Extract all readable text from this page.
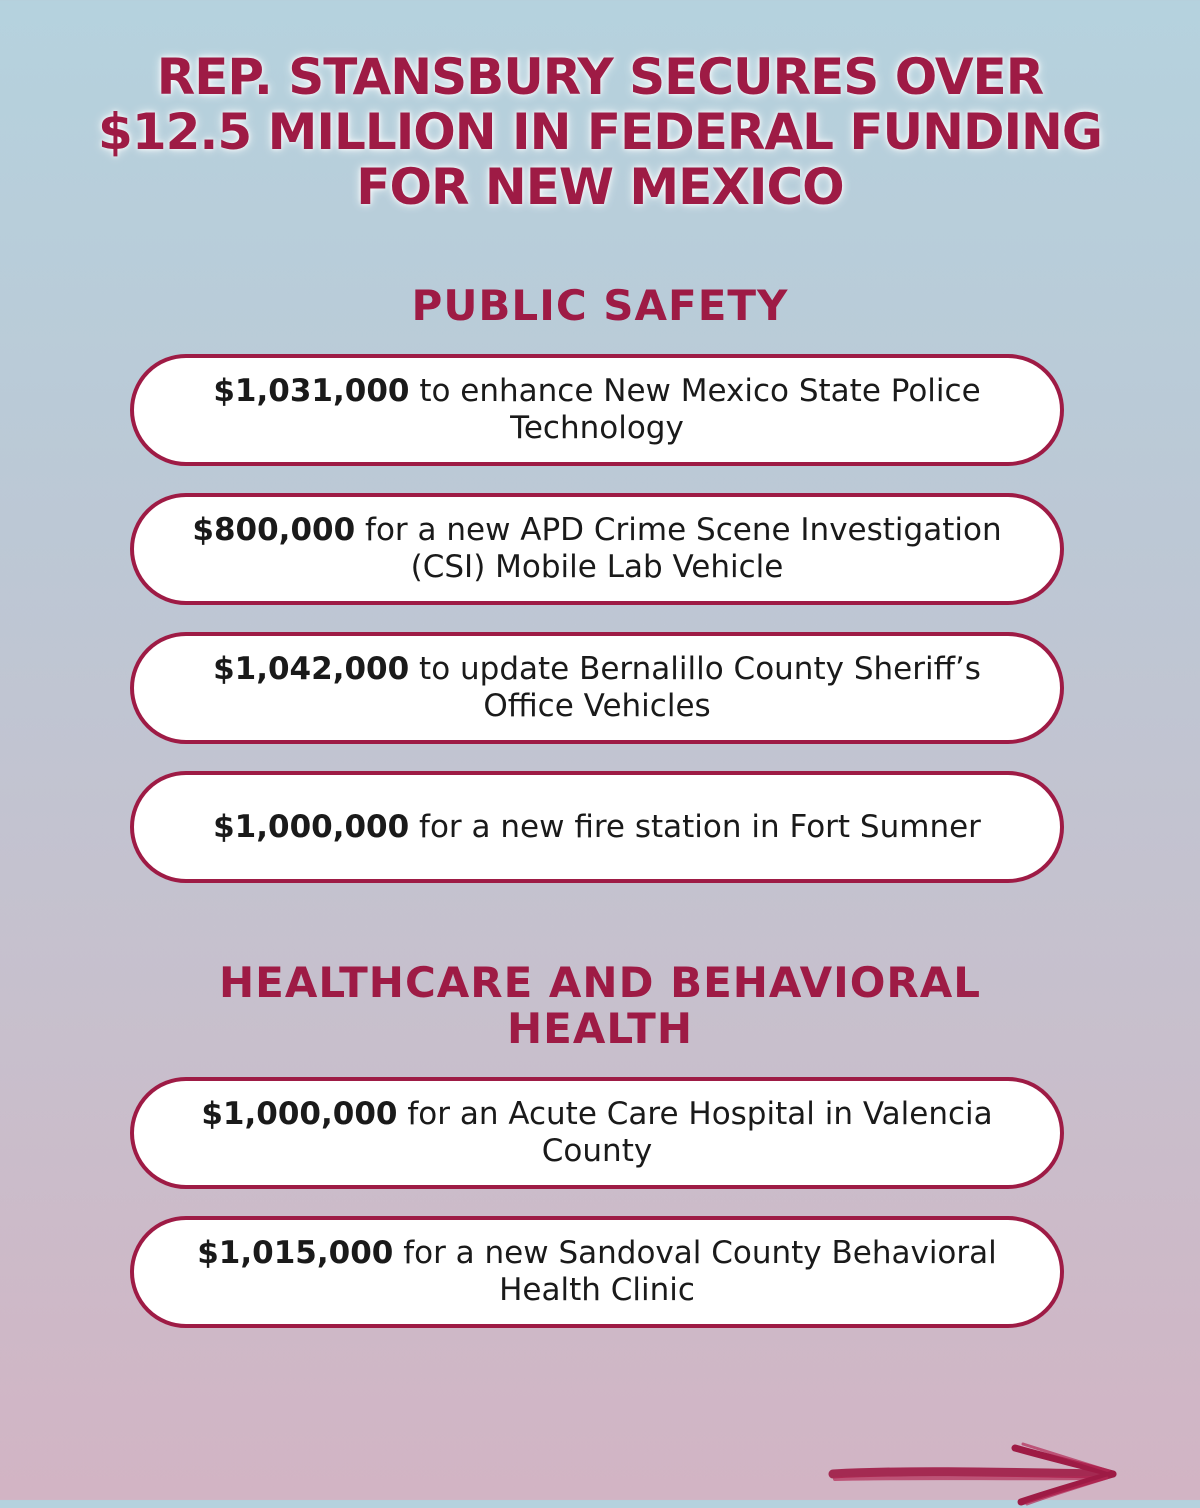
REP. STANSBURY SECURES OVER
$12.5 MILLION IN FEDERAL FUNDING
FOR NEW MEXICO
PUBLIC SAFETY
$1,031,000 to enhance New Mexico State Police Technology
$800,000 for a new APD Crime Scene Investigation (CSI) Mobile Lab Vehicle
$1,042,000 to update Bernalillo County Sheriff’s Office Vehicles
$1,000,000 for a new fire station in Fort Sumner
HEALTHCARE AND BEHAVIORAL
HEALTH
$1,000,000 for an Acute Care Hospital in Valencia County
$1,015,000 for a new Sandoval County Behavioral Health Clinic
